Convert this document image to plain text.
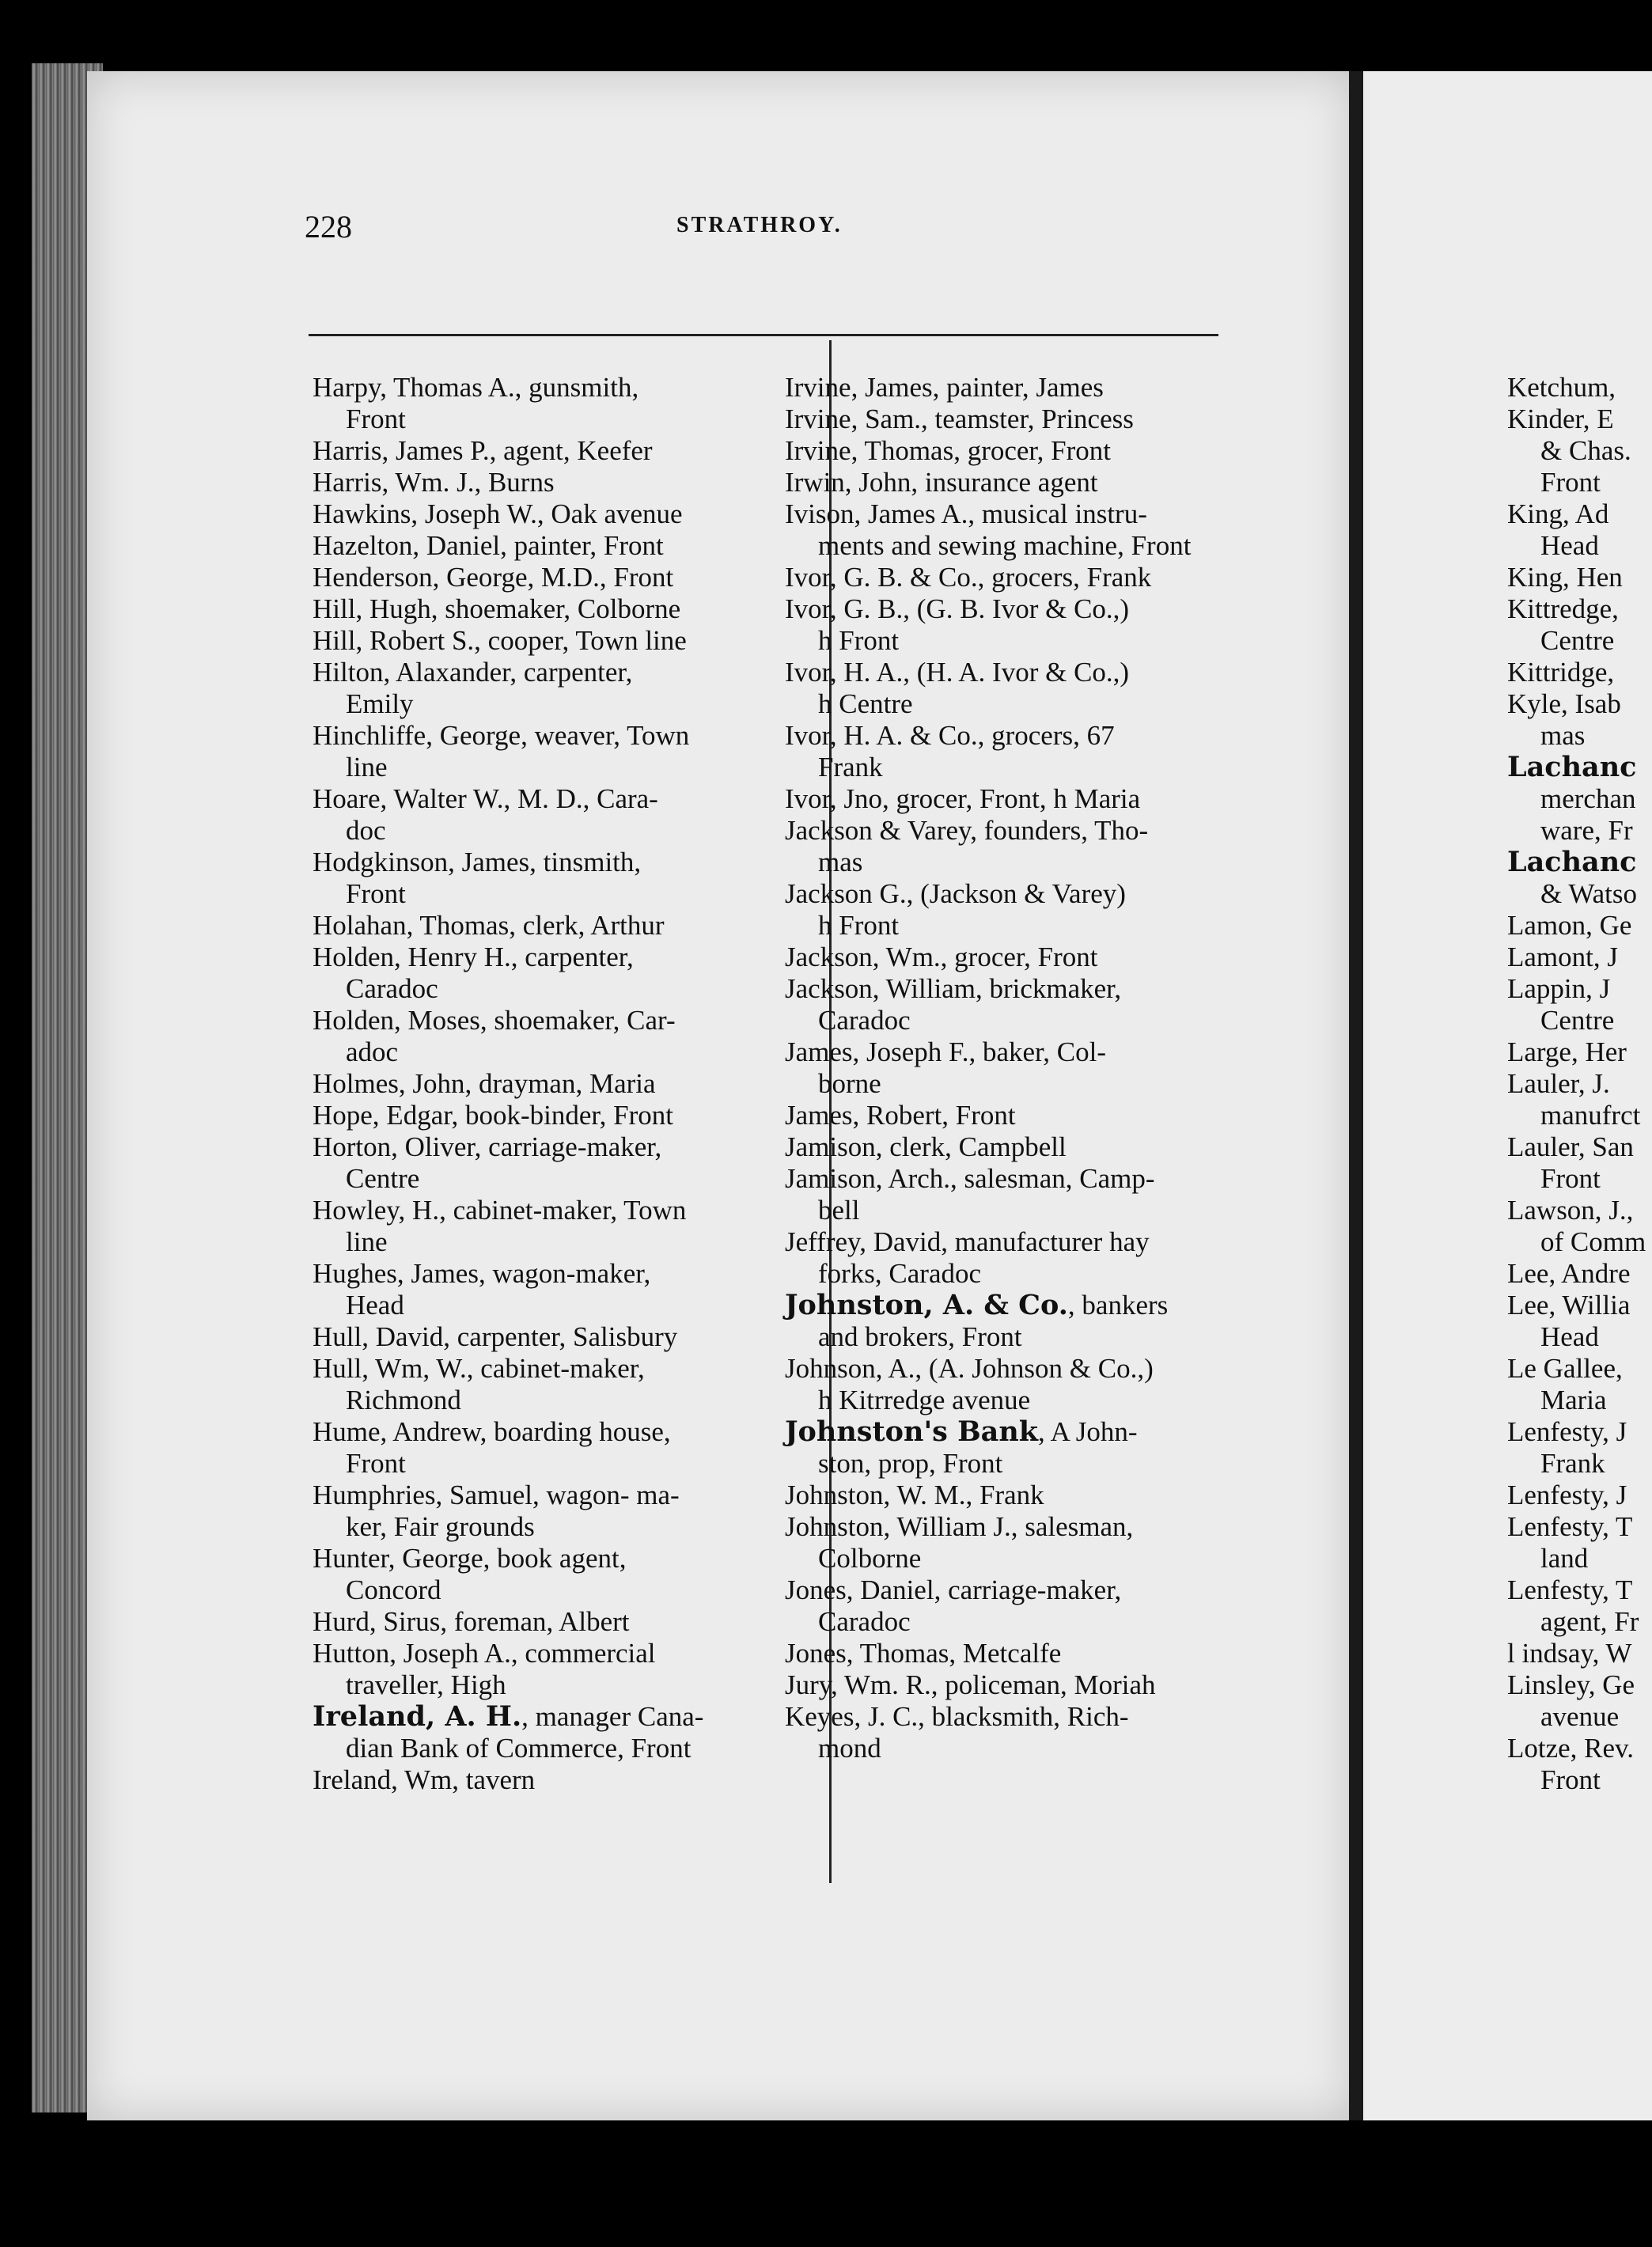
228	STRATHROY.
Harpy, Thomas A., gunsmith,
Front
Harris, James P., agent, Keefer
Harris, Wm. J., Burns
Hawkins, Joseph W., Oak avenue
Hazelton, Daniel, painter, Front
Henderson, George, M.D., Front
Hill, Hugh, shoemaker, Colborne
Hill, Robert S., cooper, Town line
Hilton, Alaxander, carpenter,
Emily
Hinchliffe, George, weaver, Town
line
Hoare, Walter W., M. D., Cara-
doc
Hodgkinson, James, tinsmith,
Front
Holahan, Thomas, clerk, Arthur
Holden, Henry H., carpenter,
Caradoc
Holden, Moses, shoemaker, Car-
adoc
Holmes, John, drayman, Maria
Hope, Edgar, book-binder, Front
Horton, Oliver, carriage-maker,
Centre
Howley, H., cabinet-maker, Town
line
Hughes, James, wagon-maker,
Head
Hull, David, carpenter, Salisbury
Hull, Wm, W., cabinet-maker,
Richmond
Hume, Andrew, boarding house,
Front
Humphries, Samuel, wagon- ma-
ker, Fair grounds
Hunter, George, book agent,
Concord
Hurd, Sirus, foreman, Albert
Hutton, Joseph A., commercial
traveller, High
Ireland, A. H., manager Cana-
dian Bank of Commerce, Front
Ireland, Wm, tavern
Irvine, James, painter, James
Irvine, Sam., teamster, Princess
Irvine, Thomas, grocer, Front
Irwin, John, insurance agent
Ivison, James A., musical instru-
ments and sewing machine, Front
Ivor, G. B. & Co., grocers, Frank
Ivor, G. B., (G. B. Ivor & Co.,)
h Front
Ivor, H. A., (H. A. Ivor & Co.,)
h Centre
Ivor, H. A. & Co., grocers, 67
Frank
Ivor, Jno, grocer, Front, h Maria
Jackson & Varey, founders, Tho-
mas
Jackson G., (Jackson & Varey)
h Front
Jackson, Wm., grocer, Front
Jackson, William, brickmaker,
Caradoc
James, Joseph F., baker, Col-
borne
James, Robert, Front
Jamison, clerk, Campbell
Jamison, Arch., salesman, Camp-
bell
Jeffrey, David, manufacturer hay
forks, Caradoc
Johnston, A. & Co., bankers
and brokers, Front
Johnson, A., (A. Johnson & Co.,)
h Kitrredge avenue
Johnston's Bank, A John-
ston, prop, Front
Johnston, W. M., Frank
Johnston, William J., salesman,
Colborne
Jones, Daniel, carriage-maker,
Caradoc
Jones, Thomas, Metcalfe
Jury, Wm. R., policeman, Moriah
Keyes, J. C., blacksmith, Rich-
mond
Ketchum,
Kinder, E
& Chas.
Front
King, Ad
Head
King, Hen
Kittredge,
Centre
Kittridge,
Kyle, Isab
mas
Lachanc
merchan
ware, Fr
Lachanc
& Watso
Lamon, Ge
Lamont, J
Lappin, J
Centre
Large, Her
Lauler, J.
manufrct
Lauler, San
Front
Lawson, J.,
of Comm
Lee, Andre
Lee, Willia
Head
Le Gallee,
Maria
Lenfesty, J
Frank
Lenfesty, J
Lenfesty, T
land
Lenfesty, T
agent, Fr
l indsay, W
Linsley, Ge
avenue
Lotze, Rev.
Front
